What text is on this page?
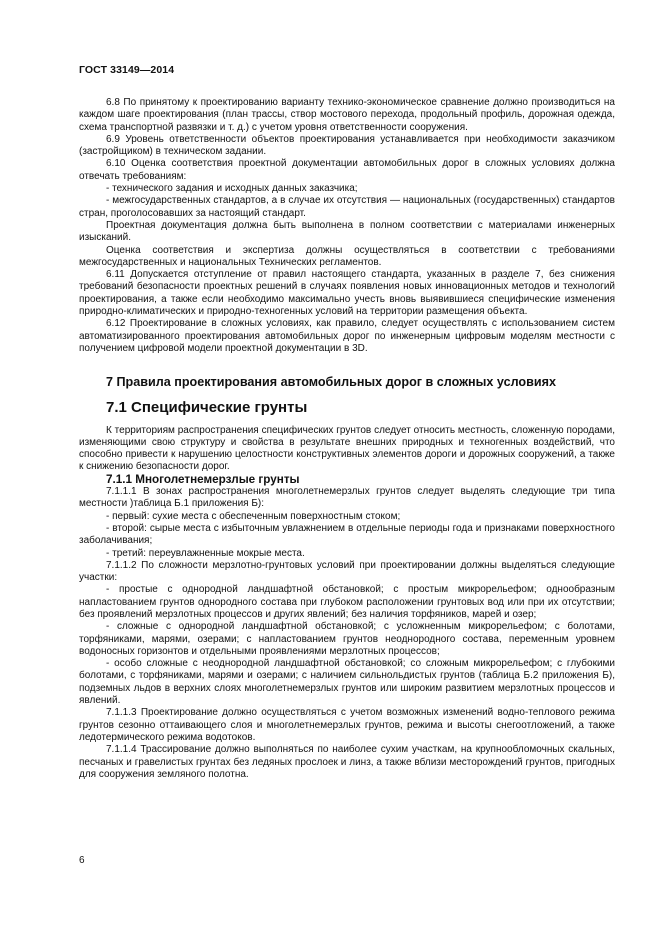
ГОСТ 33149—2014

6.8 По принятому к проектированию варианту технико-экономическое сравнение должно производиться на каждом шаге проектирования (план трассы, створ мостового перехода, продольный профиль, дорожная одежда, схема транспортной развязки и т. д.) с учетом уровня ответственности сооружения.

6.9 Уровень ответственности объектов проектирования устанавливается при необходимости заказчиком (застройщиком) в техническом задании.

6.10 Оценка соответствия проектной документации автомобильных дорог в сложных условиях должна отвечать требованиям:

- технического задания и исходных данных заказчика;

- межгосударственных стандартов, а в случае их отсутствия — национальных (государственных) стандартов стран, проголосовавших за настоящий стандарт.

Проектная документация должна быть выполнена в полном соответствии с материалами инженерных изысканий.

Оценка соответствия и экспертиза должны осуществляться в соответствии с требованиями межгосударственных и национальных Технических регламентов.

6.11 Допускается отступление от правил настоящего стандарта, указанных в разделе 7, без снижения требований безопасности проектных решений в случаях появления новых инновационных методов и технологий проектирования, а также если необходимо максимально учесть вновь выявившиеся специфические изменения природно-климатических и природно-техногенных условий на территории размещения объекта.

6.12 Проектирование в сложных условиях, как правило, следует осуществлять с использованием систем автоматизированного проектирования автомобильных дорог по инженерным цифровым моделям местности с получением цифровой модели проектной документации в 3D.

7 Правила проектирования автомобильных дорог в сложных условиях
7.1 Специфические грунты

К территориям распространения специфических грунтов следует относить местность, сложенную породами, изменяющими свою структуру и свойства в результате внешних природных и техногенных воздействий, что способно привести к нарушению целостности конструктивных элементов дороги и дорожных сооружений, а также к снижению безопасности дорог.

7.1.1 Многолетнемерзлые грунты

7.1.1.1 В зонах распространения многолетнемерзлых грунтов следует выделять следующие три типа местности )таблица Б.1 приложения Б):

- первый: сухие места с обеспеченным поверхностным стоком;

- второй: сырые места с избыточным увлажнением в отдельные периоды года и признаками поверхностного заболачивания;

- третий: переувлажненные мокрые места.

7.1.1.2 По сложности мерзлотно-грунтовых условий при проектировании должны выделяться следующие участки:

- простые с однородной ландшафтной обстановкой; с простым микрорельефом; однообразным напластованием грунтов однородного состава при глубоком расположении грунтовых вод или при их отсутствии; без проявлений мерзлотных процессов и других явлений; без наличия торфяников, марей и озер;

- сложные с однородной ландшафтной обстановкой; с усложненным микрорельефом; с болотами, торфяниками, марями, озерами; с напластованием грунтов неоднородного состава, переменным уровнем водоносных горизонтов и отдельными проявлениями мерзлотных процессов;

- особо сложные с неоднородной ландшафтной обстановкой; со сложным микрорельефом; с глубокими болотами, с торфяниками, марями и озерами; с наличием сильнольдистых грунтов (таблица Б.2 приложения Б), подземных льдов в верхних слоях многолетнемерзлых грунтов или широким развитием мерзлотных процессов и явлений.

7.1.1.3 Проектирование должно осуществляться с учетом возможных изменений водно-теплового режима грунтов сезонно оттаивающего слоя и многолетнемерзлых грунтов, режима и высоты снегоотложений, а также ледотермического режима водотоков.

7.1.1.4 Трассирование должно выполняться по наиболее сухим участкам, на крупнообломочных скальных, песчаных и гравелистых грунтах без ледяных прослоек и линз, а также вблизи месторождений грунтов, пригодных для сооружения земляного полотна.

6
